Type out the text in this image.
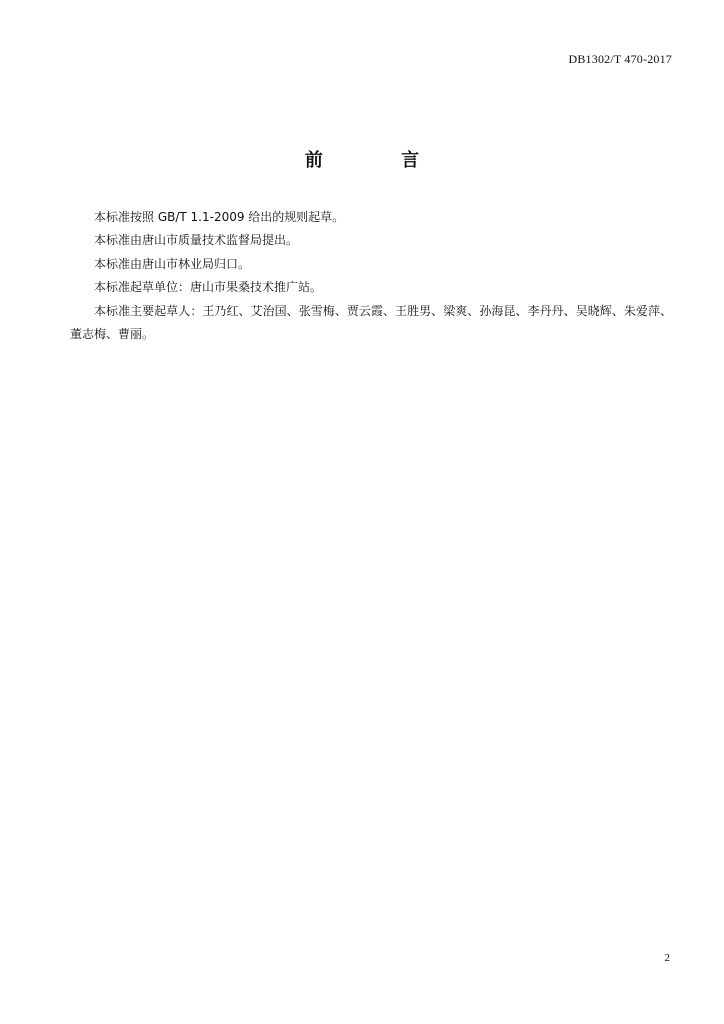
DB1302/T 470-2017
前 言

本标准按照 GB/T 1.1-2009 给出的规则起草。

本标准由唐山市质量技术监督局提出。

本标准由唐山市林业局归口。

本标准起草单位：唐山市果桑技术推广站。

本标准主要起草人：王乃红、艾治国、张雪梅、贾云霞、王胜男、梁爽、孙海昆、李丹丹、吴晓辉、朱爱萍、董志梅、曹丽。

2
